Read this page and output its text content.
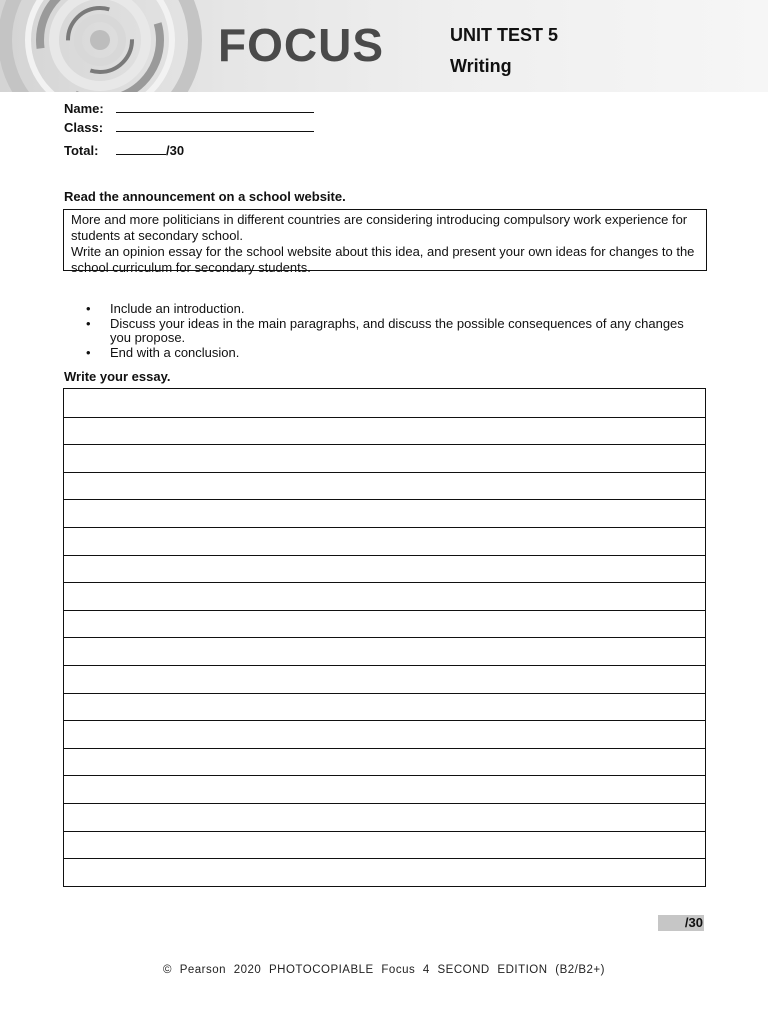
FOCUS	UNIT TEST 5
Writing
Name:
Class:
Total:	/30
Read the announcement on a school website.
More and more politicians in different countries are considering introducing compulsory work experience for students at secondary school.
Write an opinion essay for the school website about this idea, and present your own ideas for changes to the school curriculum for secondary students.
• Include an introduction.
• Discuss your ideas in the main paragraphs, and discuss the possible consequences of any changes you propose.
• End with a conclusion.
Write your essay.
/30
© Pearson 2020 PHOTOCOPIABLE Focus 4 SECOND EDITION (B2/B2+)
